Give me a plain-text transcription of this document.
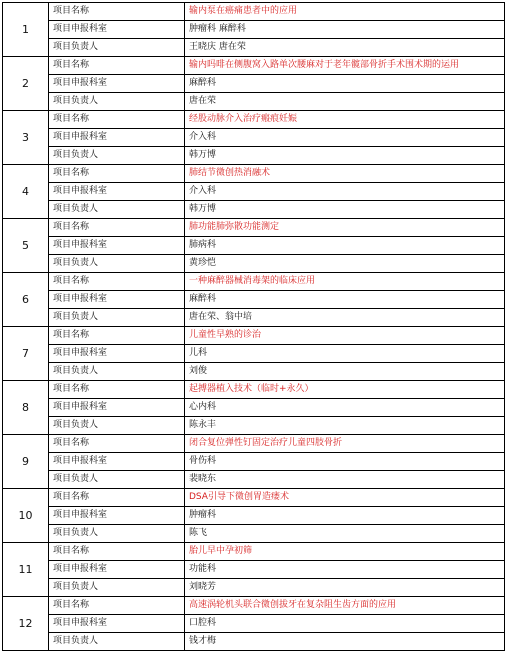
1	项目名称	输内泵在癌痛患者中的应用
	项目申报科室	肿瘤科 麻醉科
	项目负责人	王晓庆 唐在荣
2	项目名称	输内吗啡在侧腹窝入路单次腰麻对于老年髋部骨折手术围术期的运用
	项目申报科室	麻醉科
	项目负责人	唐在荣
3	项目名称	经股动脉介入治疗瘢痕妊娠
	项目申报科室	介入科
	项目负责人	韩万博
4	项目名称	肺结节微创热消融术
	项目申报科室	介入科
	项目负责人	韩万博
5	项目名称	肺功能肺弥散功能测定
	项目申报科室	肺病科
	项目负责人	黄珍恺
6	项目名称	一种麻醉器械消毒架的临床应用
	项目申报科室	麻醉科
	项目负责人	唐在荣、翁中培
7	项目名称	儿童性早熟的诊治
	项目申报科室	儿科
	项目负责人	刘俊
8	项目名称	起搏器植入技术（临时+永久）
	项目申报科室	心内科
	项目负责人	陈永丰
9	项目名称	闭合复位弹性钉固定治疗儿童四肢骨折
	项目申报科室	骨伤科
	项目负责人	裴晓东
10	项目名称	DSA引导下微创胃造瘘术
	项目申报科室	肿瘤科
	项目负责人	陈飞
11	项目名称	胎儿早中孕初筛
	项目申报科室	功能科
	项目负责人	刘晓芳
12	项目名称	高速涡轮机头联合微创拔牙在复杂阻生齿方面的应用
	项目申报科室	口腔科
	项目负责人	钱才梅
